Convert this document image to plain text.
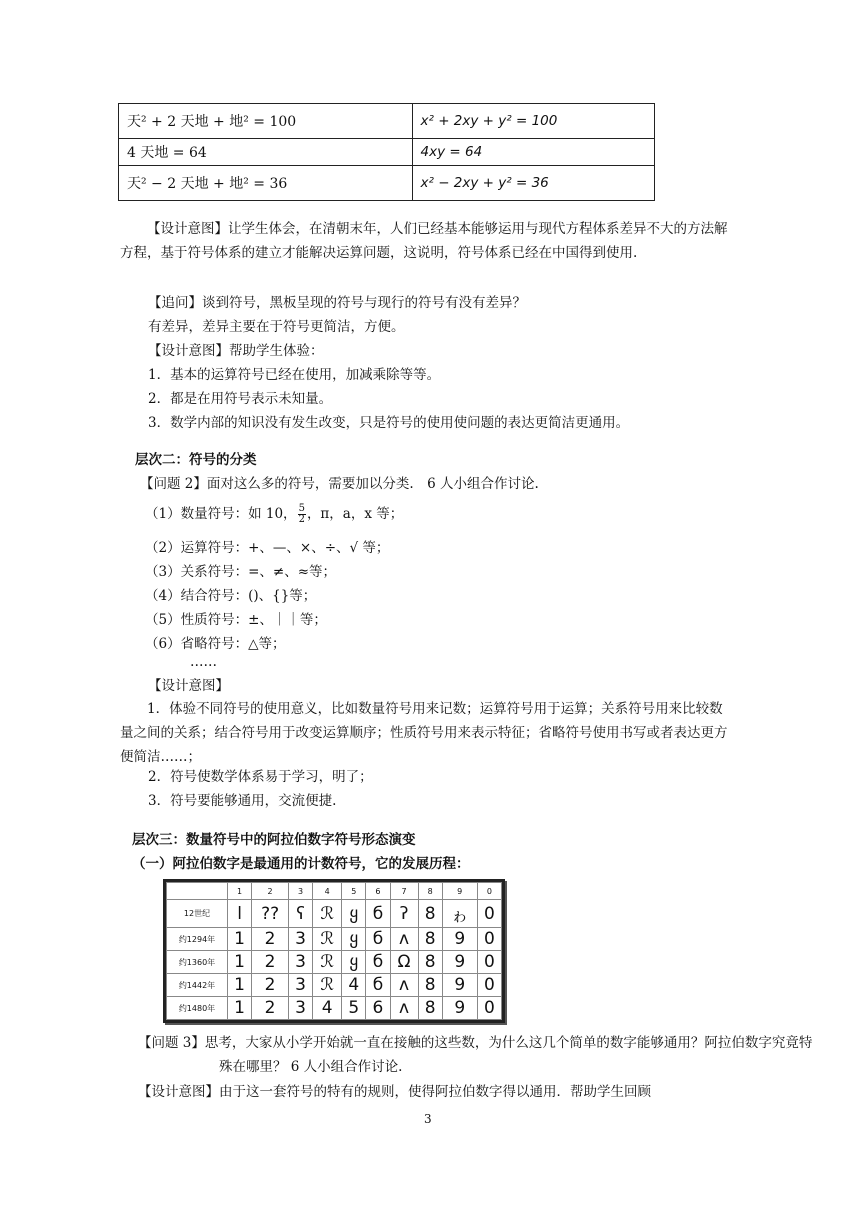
天² + 2 天地 + 地² = 100	x² + 2xy + y² = 100
4 天地 = 64	4xy = 64
天² − 2 天地 + 地² = 36	x² − 2xy + y² = 36
【设计意图】让学生体会，在清朝末年，人们已经基本能够运用与现代方程体系差异不大的方法解方程，基于符号体系的建立才能解决运算问题，这说明，符号体系已经在中国得到使用.
【追问】谈到符号，黑板呈现的符号与现行的符号有没有差异？
有差异，差异主要在于符号更简洁，方便。
【设计意图】帮助学生体验：
1．基本的运算符号已经在使用，加减乘除等等。
2．都是在用符号表示未知量。
3．数学内部的知识没有发生改变，只是符号的使用使问题的表达更简洁更通用。
层次二：符号的分类
【问题 2】面对这么多的符号，需要加以分类.　6 人小组合作讨论.
（1）数量符号：如 10， $\frac{5}{2}$ ，π，a，x 等；
（2）运算符号：+、—、×、÷、√ 等；
（3）关系符号：=、≠、≈等；
（4）结合符号：()、{}等；
（5）性质符号：±、｜｜等；
（6）省略符号：△等；
……
【设计意图】
1．体验不同符号的使用意义，比如数量符号用来记数；运算符号用于运算；关系符号用来比较数量之间的关系；结合符号用于改变运算顺序；性质符号用来表示特征；省略符号使用书写或者表达更方便简洁……；
2．符号使数学体系易于学习，明了；
3．符号要能够通用，交流便捷.
层次三：数量符号中的阿拉伯数字符号形态演变
（一）阿拉伯数字是最通用的计数符号，它的发展历程：
	1	2	3	4	5	6	7	8	9	0
12世纪	l	??	ʕ	ℛ	ყ	б	ʔ	8	ゎ	0
约1294年	1	2	3	ℛ	ყ	б	ʌ	8	9	0
约1360年	1	2	3	ℛ	ყ	б	Ω	8	9	0
约1442年	1	2	3	ℛ	4	б	ʌ	8	9	0
约1480年	1	2	3	4	5	6	ʌ	8	9	0
【问题 3】思考，大家从小学开始就一直在接触的这些数，为什么这几个简单的数字能够通用？阿拉伯数字究竟特殊在哪里？ 6 人小组合作讨论.
【设计意图】由于这一套符号的特有的规则，使得阿拉伯数字得以通用．帮助学生回顾
3
